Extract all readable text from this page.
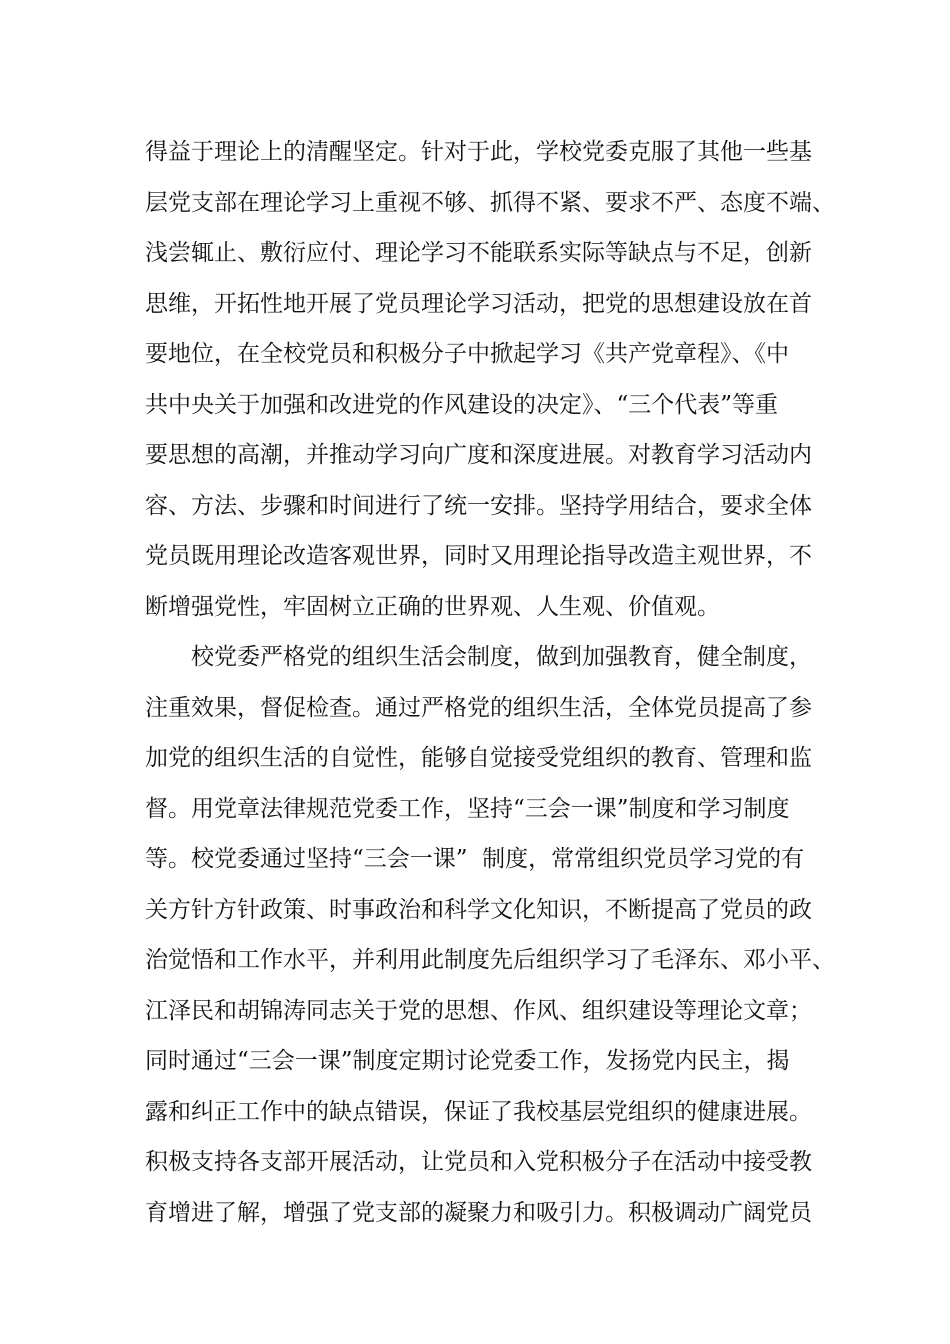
得益于理论上的清醒坚定。针对于此，学校党委克服了其他一些基
层党支部在理论学习上重视不够、抓得不紧、要求不严、态度不端、
浅尝辄止、敷衍应付、理论学习不能联系实际等缺点与不足，创新
思维，开拓性地开展了党员理论学习活动，把党的思想建设放在首
要地位，在全校党员和积极分子中掀起学习《共产党章程》、《中
共中央关于加强和改进党的作风建设的决定》、“三个代表”等重
要思想的高潮，并推动学习向广度和深度进展。对教育学习活动内
容、方法、步骤和时间进行了统一安排。坚持学用结合，要求全体
党员既用理论改造客观世界，同时又用理论指导改造主观世界，不
断增强党性，牢固树立正确的世界观、人生观、价值观。
校党委严格党的组织生活会制度，做到加强教育，健全制度，
注重效果，督促检查。通过严格党的组织生活，全体党员提高了参
加党的组织生活的自觉性，能够自觉接受党组织的教育、管理和监
督。用党章法律规范党委工作，坚持“三会一课”制度和学习制度
等。校党委通过坚持“三会一课”  制度，常常组织党员学习党的有
关方针方针政策、时事政治和科学文化知识，不断提高了党员的政
治觉悟和工作水平，并利用此制度先后组织学习了毛泽东、邓小平、
江泽民和胡锦涛同志关于党的思想、作风、组织建设等理论文章；
同时通过“三会一课”制度定期讨论党委工作，发扬党内民主，揭
露和纠正工作中的缺点错误，保证了我校基层党组织的健康进展。
积极支持各支部开展活动，让党员和入党积极分子在活动中接受教
育增进了解，增强了党支部的凝聚力和吸引力。积极调动广阔党员
